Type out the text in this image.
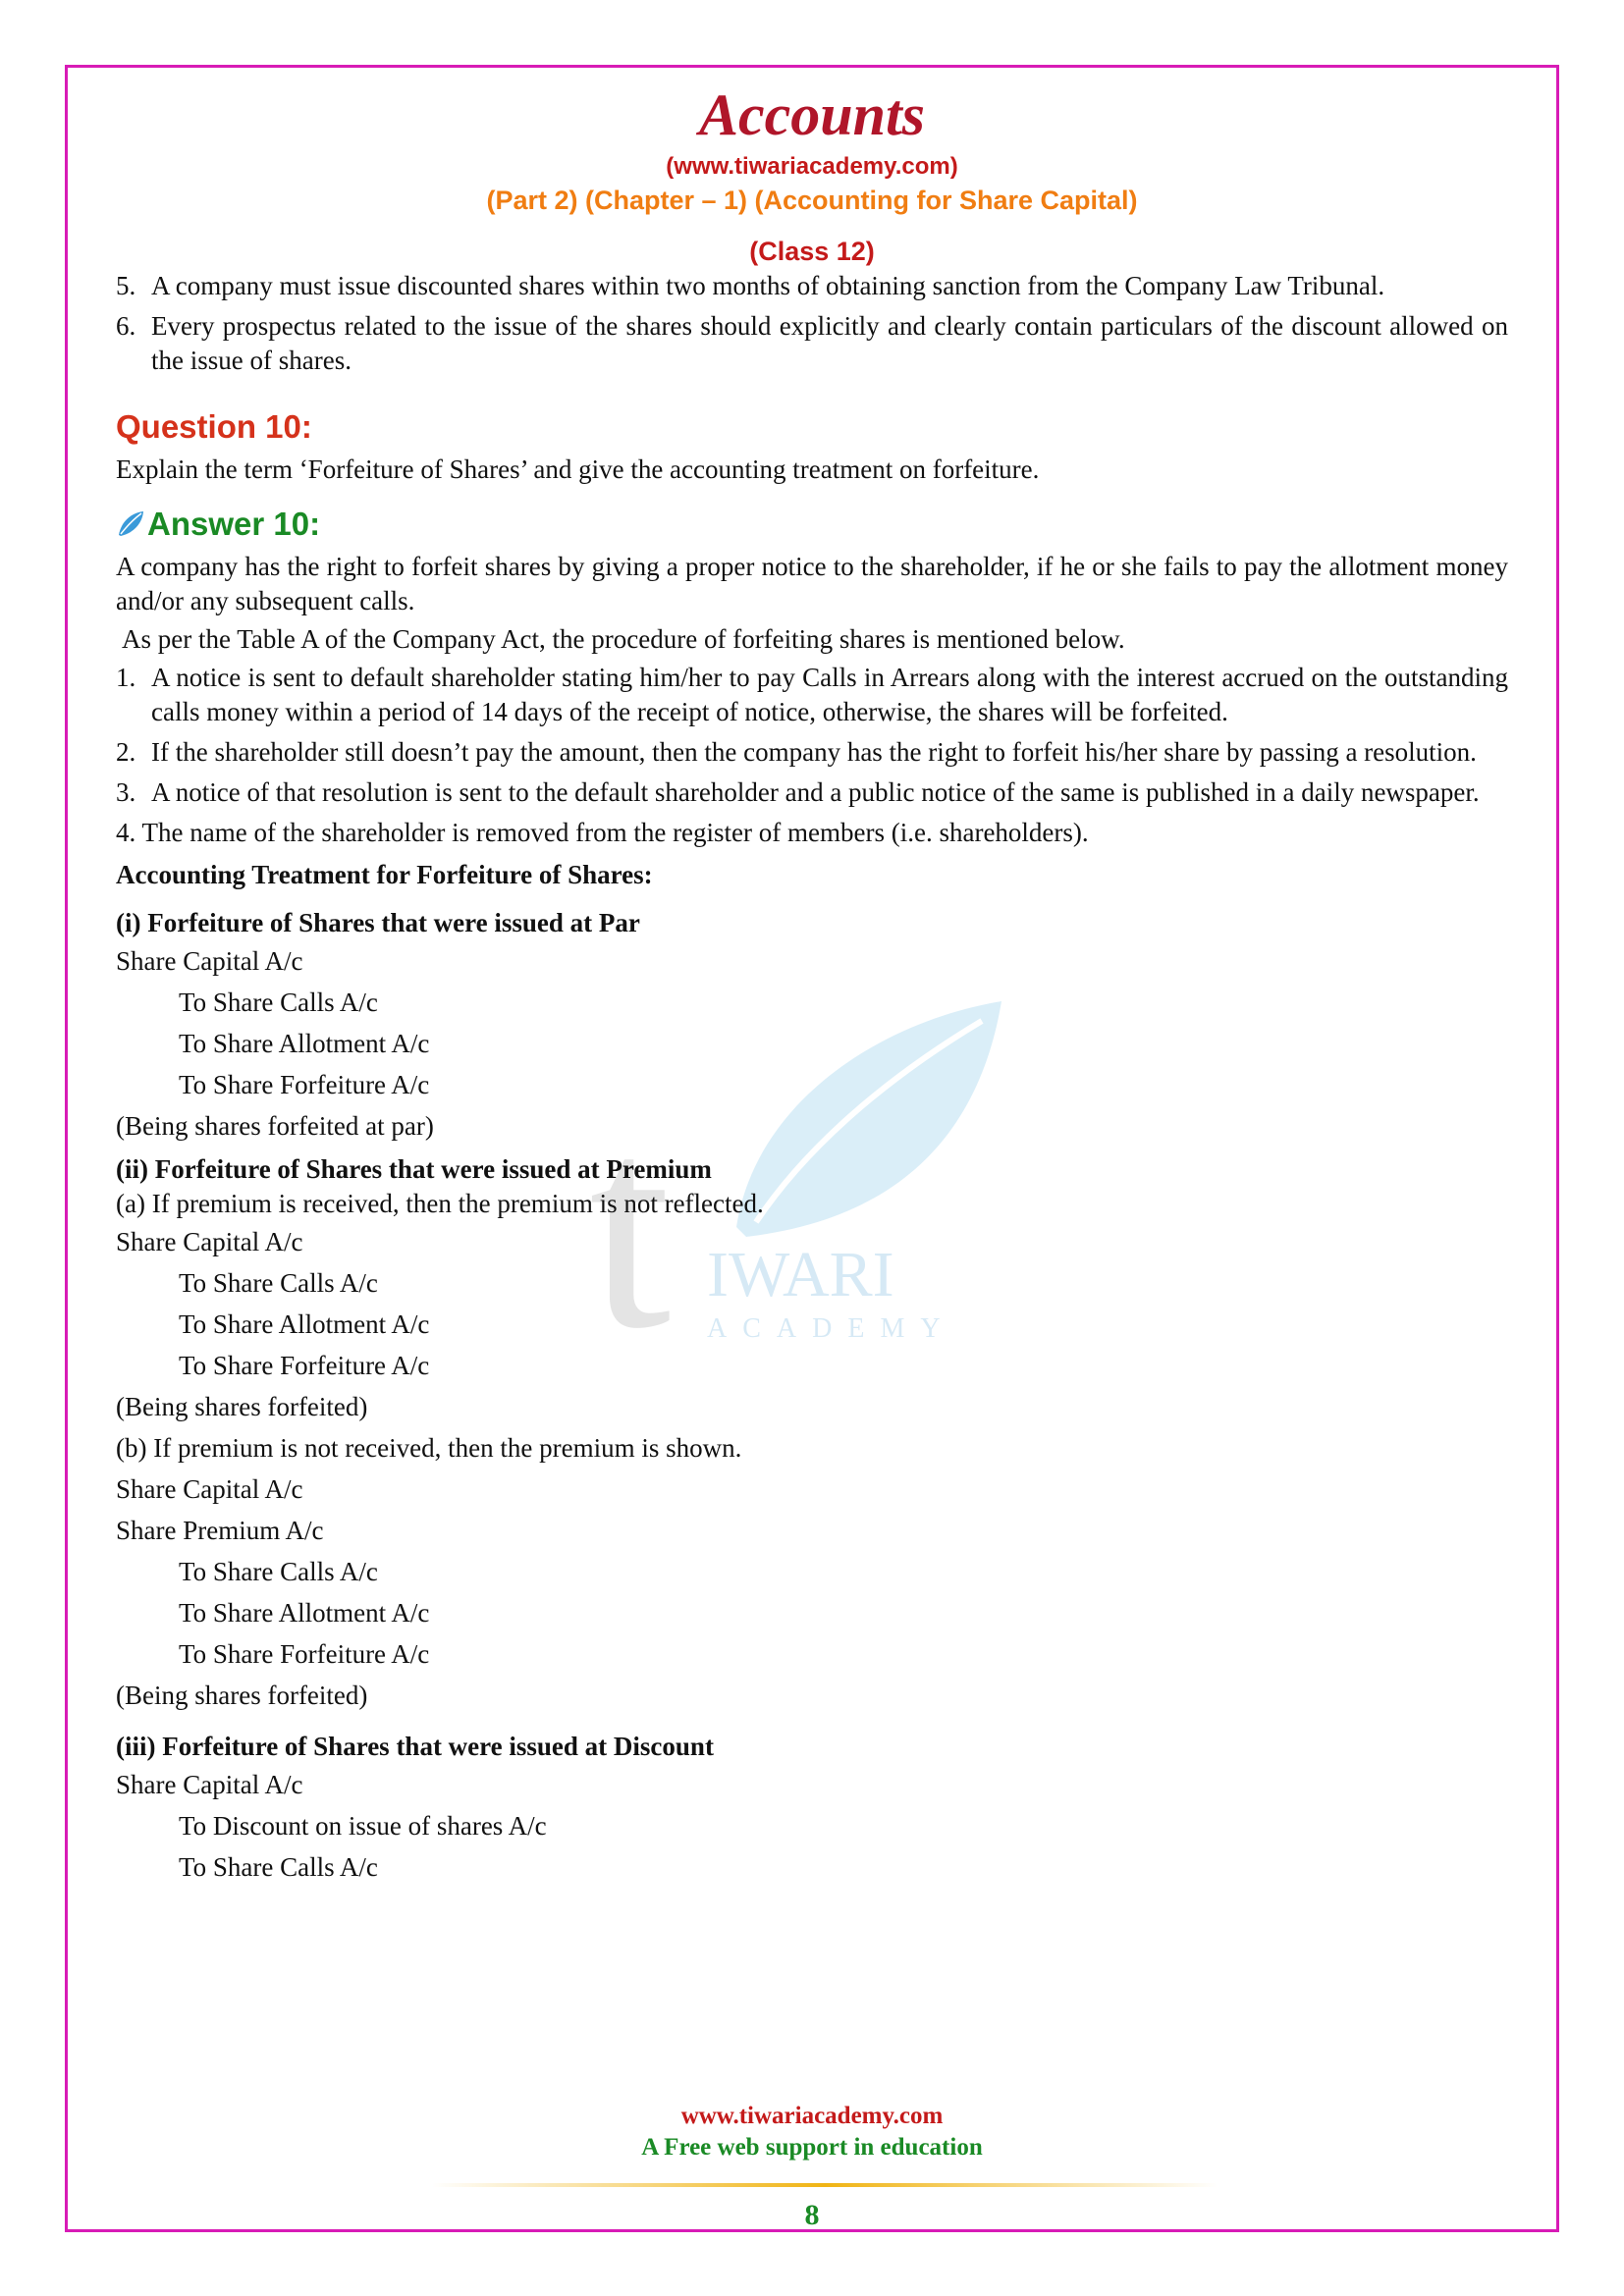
t IWARI
ACADEMY
Accounts
(www.tiwariacademy.com)
(Part 2) (Chapter – 1) (Accounting for Share Capital)
(Class 12)
5. A company must issue discounted shares within two months of obtaining sanction from the Company Law Tribunal.
6. Every prospectus related to the issue of the shares should explicitly and clearly contain particulars of the discount allowed on the issue of shares.
Question 10:
Explain the term ‘Forfeiture of Shares’ and give the accounting treatment on forfeiture.
Answer 10:
A company has the right to forfeit shares by giving a proper notice to the shareholder, if he or she fails to pay the allotment money and/or any subsequent calls.
As per the Table A of the Company Act, the procedure of forfeiting shares is mentioned below.
1. A notice is sent to default shareholder stating him/her to pay Calls in Arrears along with the interest accrued on the outstanding calls money within a period of 14 days of the receipt of notice, otherwise, the shares will be forfeited.
2. If the shareholder still doesn’t pay the amount, then the company has the right to forfeit his/her share by passing a resolution.
3. A notice of that resolution is sent to the default shareholder and a public notice of the same is published in a daily newspaper.
4. The name of the shareholder is removed from the register of members (i.e. shareholders).
Accounting Treatment for Forfeiture of Shares:
(i) Forfeiture of Shares that were issued at Par
Share Capital A/c
To Share Calls A/c
To Share Allotment A/c
To Share Forfeiture A/c
(Being shares forfeited at par)
(ii) Forfeiture of Shares that were issued at Premium
(a) If premium is received, then the premium is not reflected.
Share Capital A/c
To Share Calls A/c
To Share Allotment A/c
To Share Forfeiture A/c
(Being shares forfeited)
(b) If premium is not received, then the premium is shown.
Share Capital A/c
Share Premium A/c
To Share Calls A/c
To Share Allotment A/c
To Share Forfeiture A/c
(Being shares forfeited)
(iii) Forfeiture of Shares that were issued at Discount
Share Capital A/c
To Discount on issue of shares A/c
To Share Calls A/c
www.tiwariacademy.com
A Free web support in education
8
